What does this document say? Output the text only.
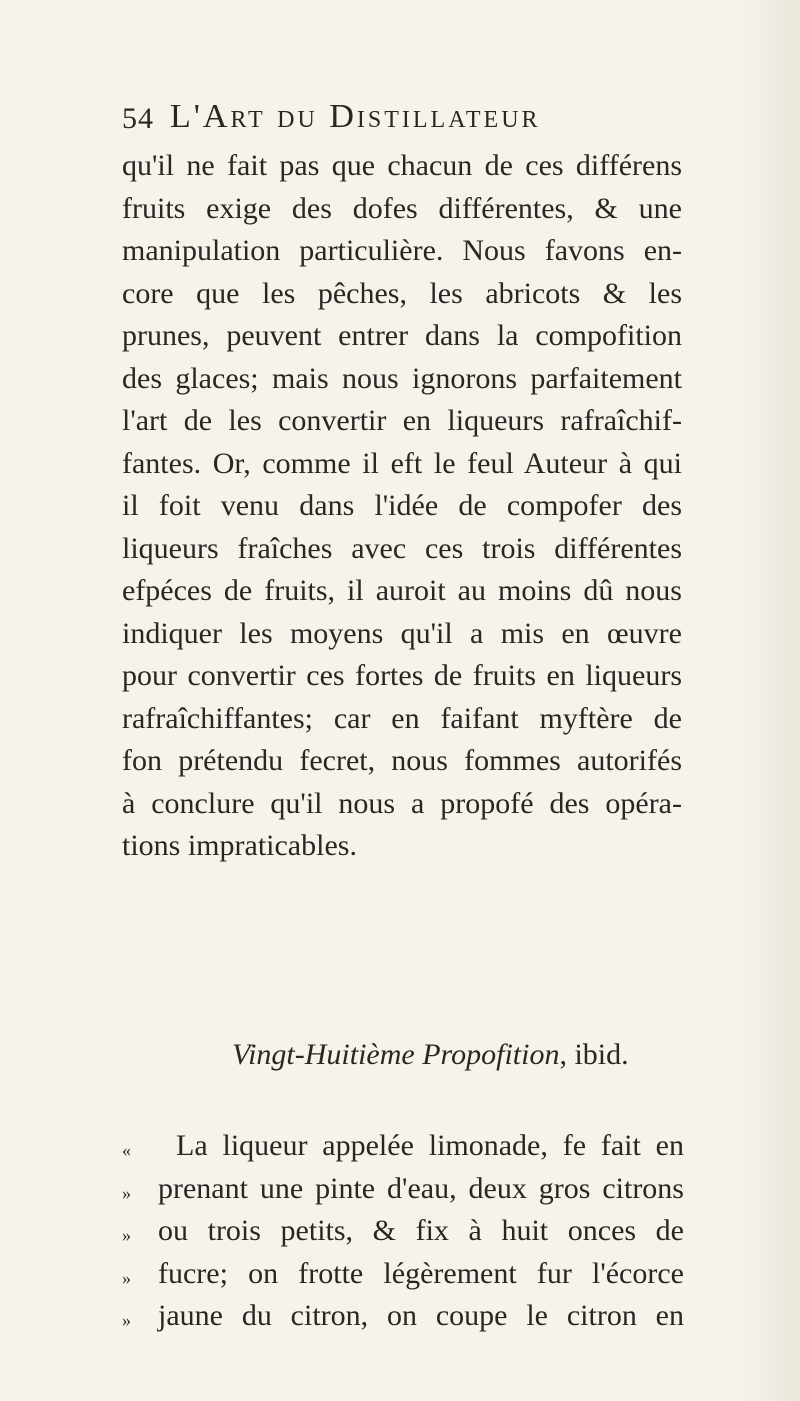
54 L'Art du Distillateur
qu'il ne fait pas que chacun de ces différens
fruits exige des dofes différentes, & une
manipulation particulière. Nous favons en-
core que les pêches, les abricots & les
prunes, peuvent entrer dans la compofition
des glaces; mais nous ignorons parfaitement
l'art de les convertir en liqueurs rafraîchif-
fantes. Or, comme il eft le feul Auteur à qui
il foit venu dans l'idée de compofer des
liqueurs fraîches avec ces trois différentes
efpéces de fruits, il auroit au moins dû nous
indiquer les moyens qu'il a mis en œuvre
pour convertir ces fortes de fruits en liqueurs
rafraîchiffantes; car en faifant myftère de
fon prétendu fecret, nous fommes autorifés
à conclure qu'il nous a propofé des opéra-
tions impraticables.
Vingt-Huitième Propofition, ibid.
«	La liqueur appelée limonade, fe fait en
» prenant une pinte d'eau, deux gros citrons
» ou trois petits, & fix à huit onces de
» fucre; on frotte légèrement fur l'écorce
» jaune du citron, on coupe le citron en
